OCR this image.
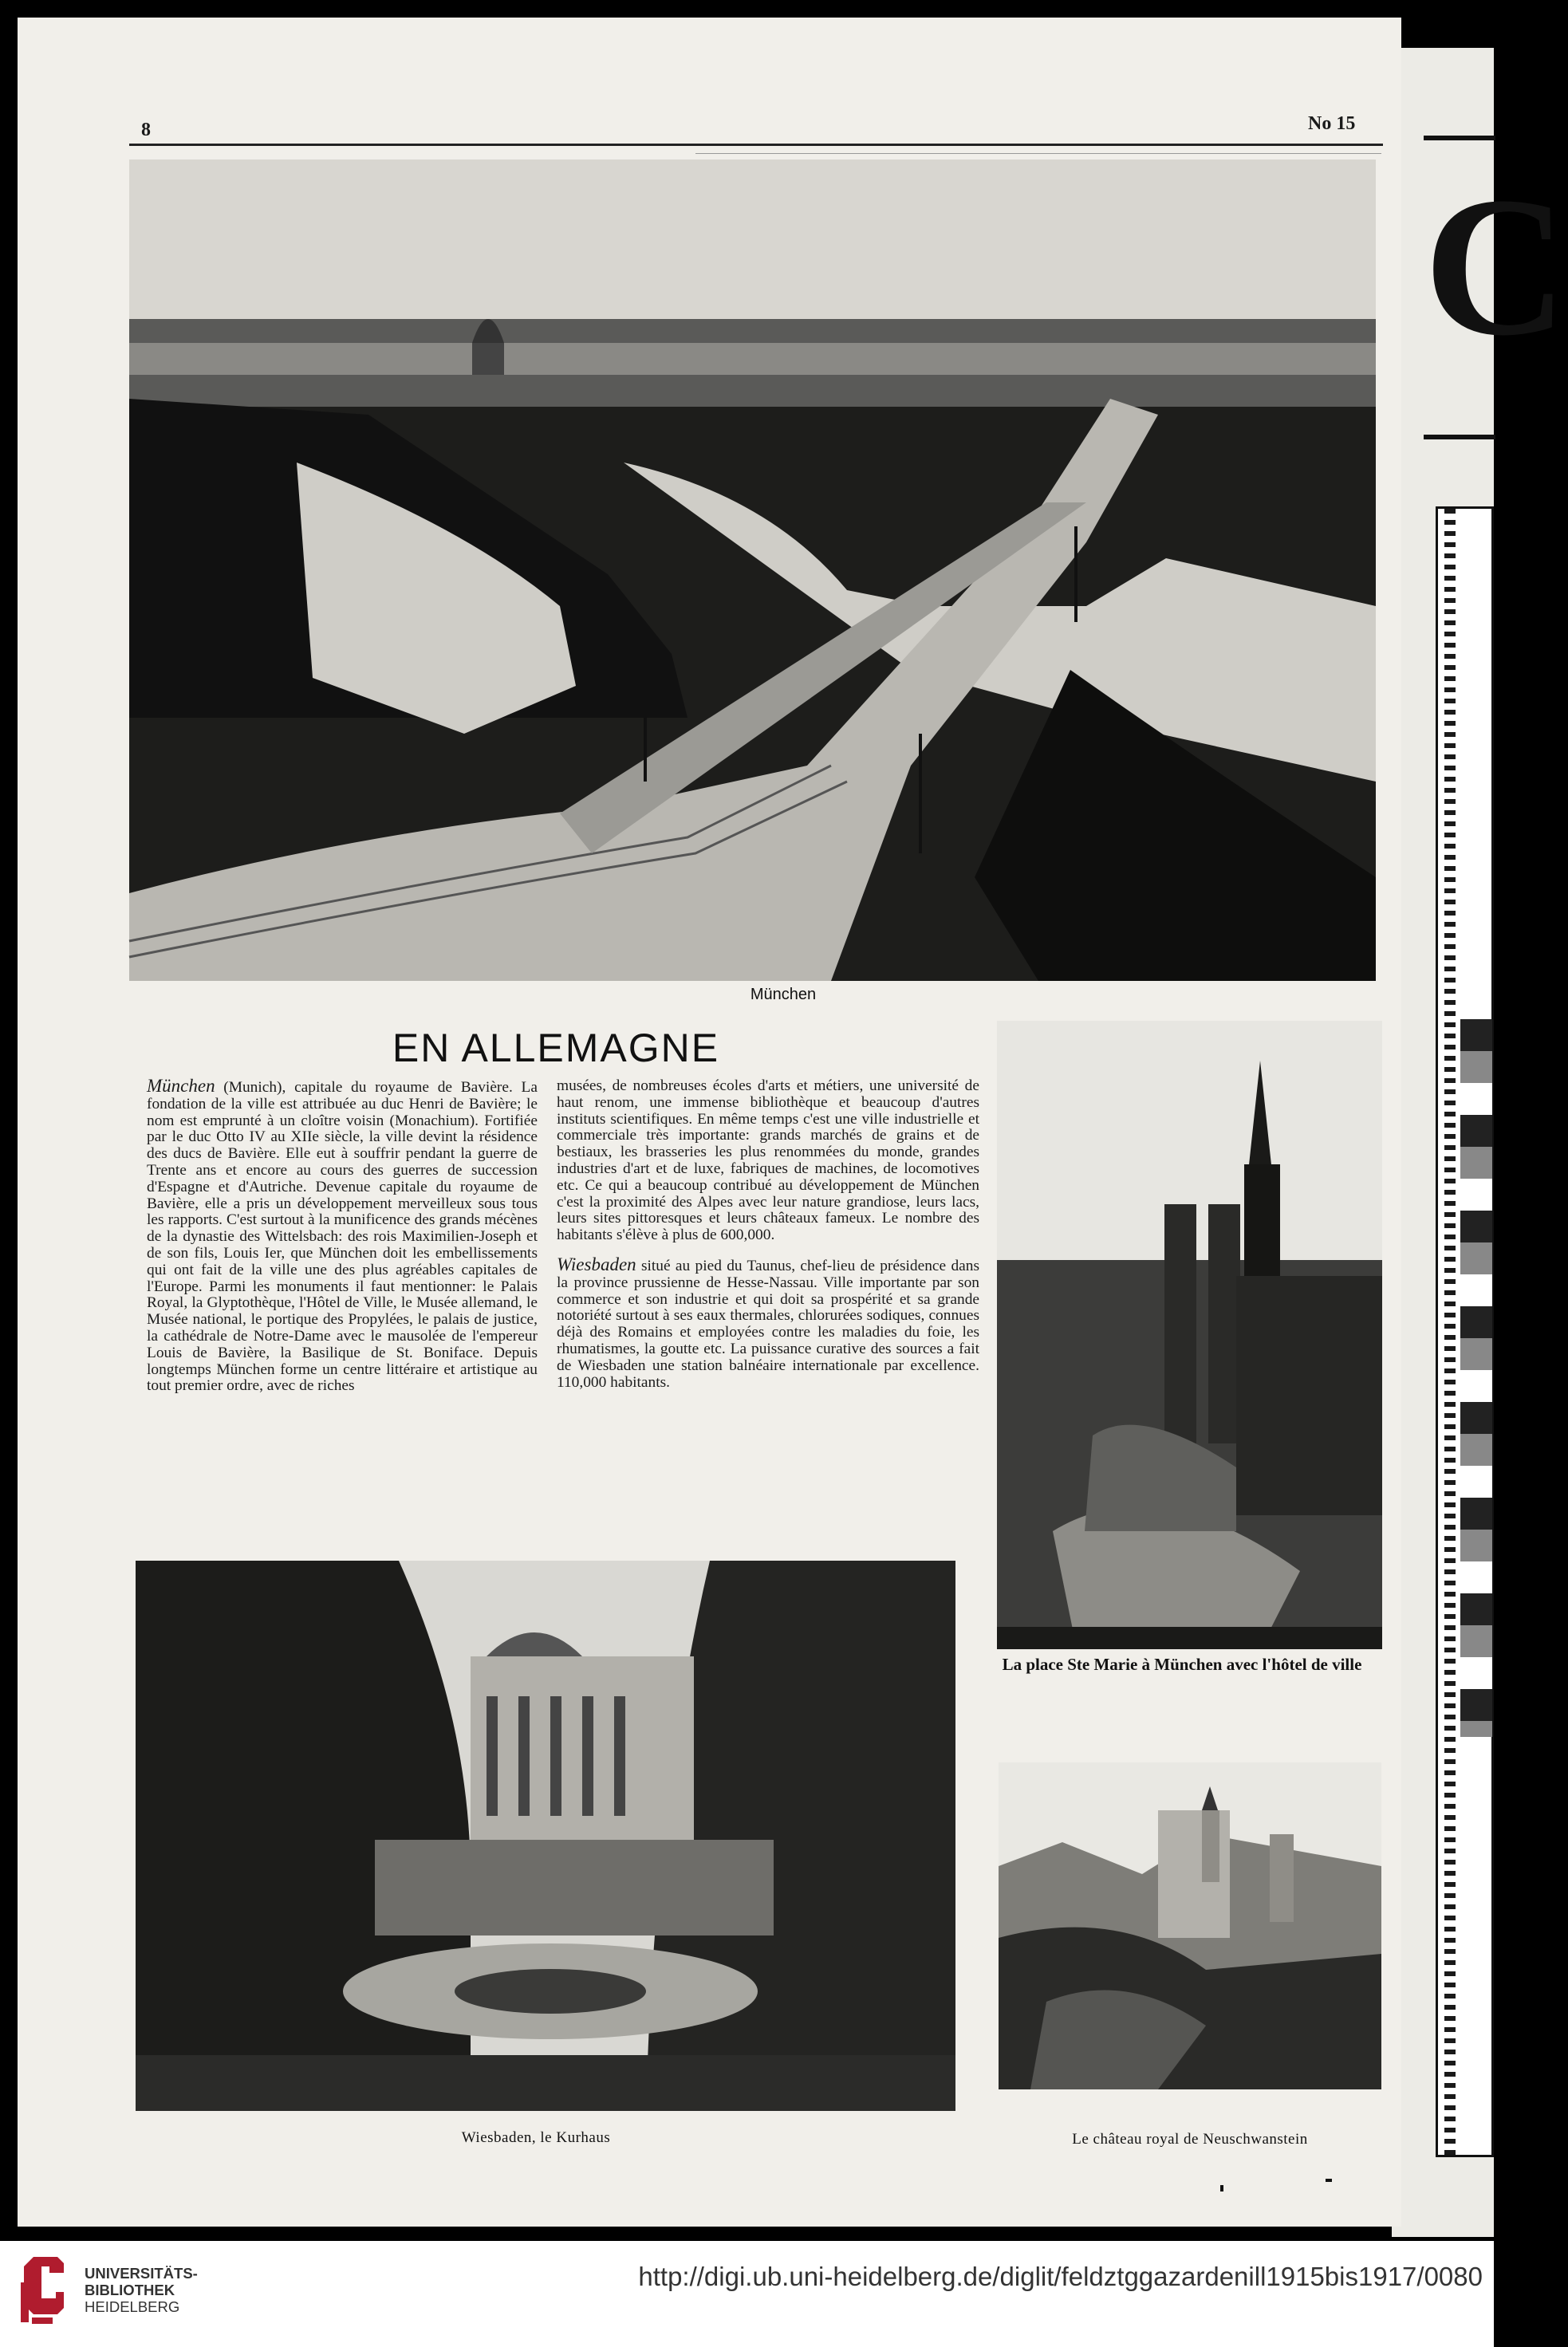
C
8	No 15
München
EN ALLEMAGNE

München (Munich), capitale du royaume de Bavière. La fondation de la ville est attribuée au duc Henri de Bavière; le nom est emprunté à un cloître voisin (Monachium). Fortifiée par le duc Otto IV au XIIe siècle, la ville devint la résidence des ducs de Bavière. Elle eut à souffrir pendant la guerre de Trente ans et encore au cours des guerres de succession d'Espagne et d'Autriche. Devenue capitale du royaume de Bavière, elle a pris un développement merveilleux sous tous les rapports. C'est surtout à la munificence des grands mécènes de la dynastie des Wittelsbach: des rois Maximilien-Joseph et de son fils, Louis Ier, que München doit les embellissements qui ont fait de la ville une des plus agréables capitales de l'Europe. Parmi les monuments il faut mentionner: le Palais Royal, la Glyptothèque, l'Hôtel de Ville, le Musée allemand, le Musée national, le portique des Propylées, le palais de justice, la cathédrale de Notre-Dame avec le mausolée de l'empereur Louis de Bavière, la Basilique de St. Boniface. Depuis longtemps München forme un centre littéraire et artistique au tout premier ordre, avec de riches

musées, de nombreuses écoles d'arts et métiers, une université de haut renom, une immense bibliothèque et beaucoup d'autres instituts scientifiques. En même temps c'est une ville industrielle et commerciale très importante: grands marchés de grains et de bestiaux, les brasseries les plus renommées du monde, grandes industries d'art et de luxe, fabriques de machines, de locomotives etc. Ce qui a beaucoup contribué au développement de München c'est la proximité des Alpes avec leur nature grandiose, leurs lacs, leurs sites pittoresques et leurs châteaux fameux. Le nombre des habitants s'élève à plus de 600,000.

Wiesbaden situé au pied du Taunus, chef-lieu de présidence dans la province prussienne de Hesse-Nassau. Ville importante par son commerce et son industrie et qui doit sa prospérité et sa grande notoriété surtout à ses eaux thermales, chlorurées sodiques, connues déjà des Romains et employées contre les maladies du foie, les rhumatismes, la goutte etc. La puissance curative des sources a fait de Wiesbaden une station balnéaire internationale par excellence. 110,000 habitants.

La place Ste Marie à München avec l'hôtel de ville
Wiesbaden, le Kurhaus	Le château royal de Neuschwanstein
UNIVERSITÄTS-
BIBLIOTHEK
HEIDELBERG
http://digi.ub.uni-heidelberg.de/diglit/feldztggazardenill1915bis1917/0080
